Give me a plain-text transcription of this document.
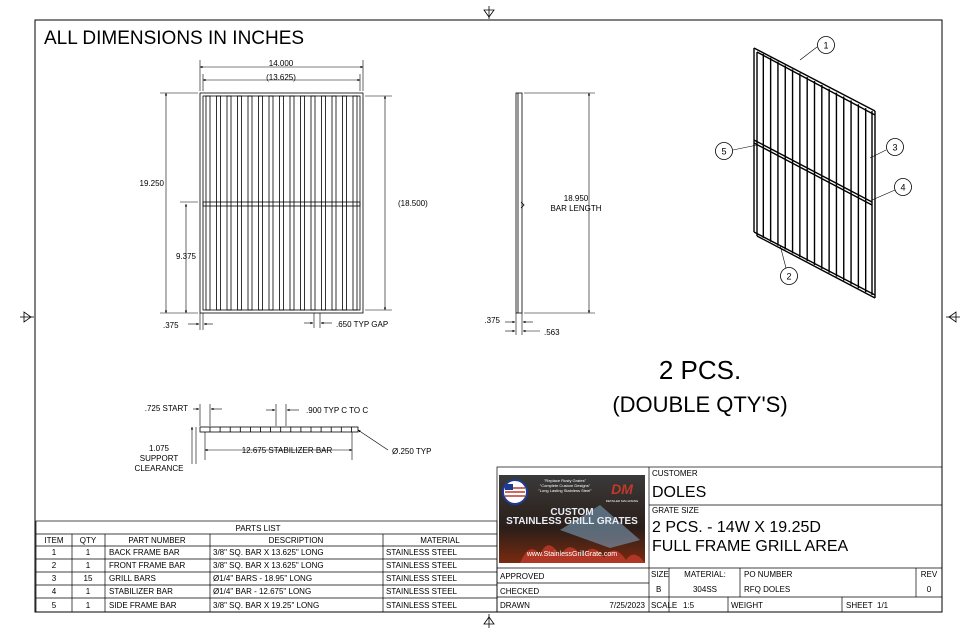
ALL DIMENSIONS IN INCHES
14.000
(13.625)
19.250
9.375
(18.500)
.375	.650 TYP GAP
18.950
BAR LENGTH
.375
.563
1
5	3
4
2
2 PCS.
(DOUBLE QTY'S)
.725 START	.900 TYP C TO C
1.075
SUPPORT
CLEARANCE
12.675 STABILIZER BAR	Ø.250 TYP
PARTS LIST
ITEM QTY	PART NUMBER	DESCRIPTION	MATERIAL
1	1 BACK FRAME BAR	3/8" SQ. BAR X 13.625" LONG	STAINLESS STEEL
2	1 FRONT FRAME BAR	3/8" SQ. BAR X 13.625" LONG	STAINLESS STEEL
3	15 GRILL BARS	Ø1/4" BARS - 18.95" LONG	STAINLESS STEEL
4	1 STABILIZER BAR	Ø1/4" BAR - 12.675" LONG	STAINLESS STEEL
5	1 SIDE FRAME BAR	3/8" SQ. BAR X 19.25" LONG	STAINLESS STEEL
"Replace Rusty Grates"
"Complete Custom Designs"
"Long Lasting Stainless Steel" DM
DETAILED MACHINING
CUSTOM
STAINLESS GRILL GRATES
www.StainlessGrillGrate.com
CUSTOMER
DOLES
GRATE SIZE
2 PCS. - 14W X 19.25D
FULL FRAME GRILL AREA
APPROVED
CHECKED
DRAWN	7/25/2023
SIZE
B
MATERIAL:
304SS
PO NUMBER
RFQ DOLES
REV
0
SCALE 1:5	WEIGHT	SHEET 1/1
